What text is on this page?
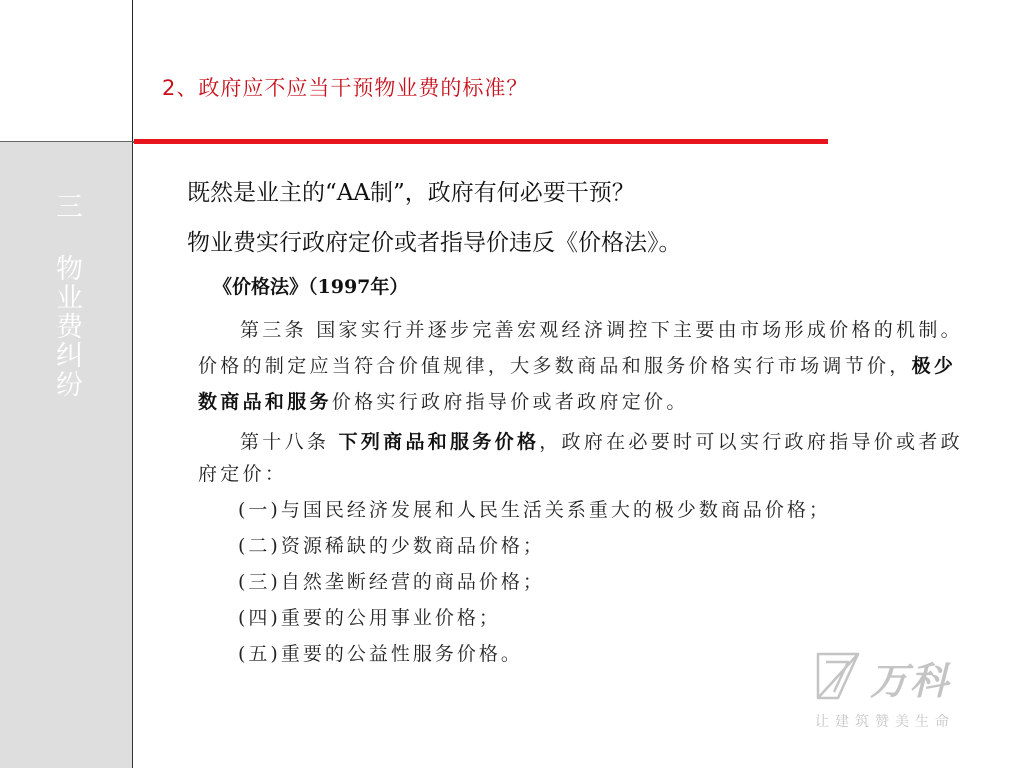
三 物业费纠纷
2、政府应不应当干预物业费的标准？
既然是业主的“AA制”，政府有何必要干预？
物业费实行政府定价或者指导价违反《价格法》。
《价格法》（1997年）

第三条 国家实行并逐步完善宏观经济调控下主要由市场形成价格的机制。价格的制定应当符合价值规律，大多数商品和服务价格实行市场调节价，极少数商品和服务价格实行政府指导价或者政府定价。

第十八条 下列商品和服务价格，政府在必要时可以实行政府指导价或者政府定价：

(一)与国民经济发展和人民生活关系重大的极少数商品价格；

(二)资源稀缺的少数商品价格；

(三)自然垄断经营的商品价格；

(四)重要的公用事业价格；

(五)重要的公益性服务价格。

万科
让建筑赞美生命
